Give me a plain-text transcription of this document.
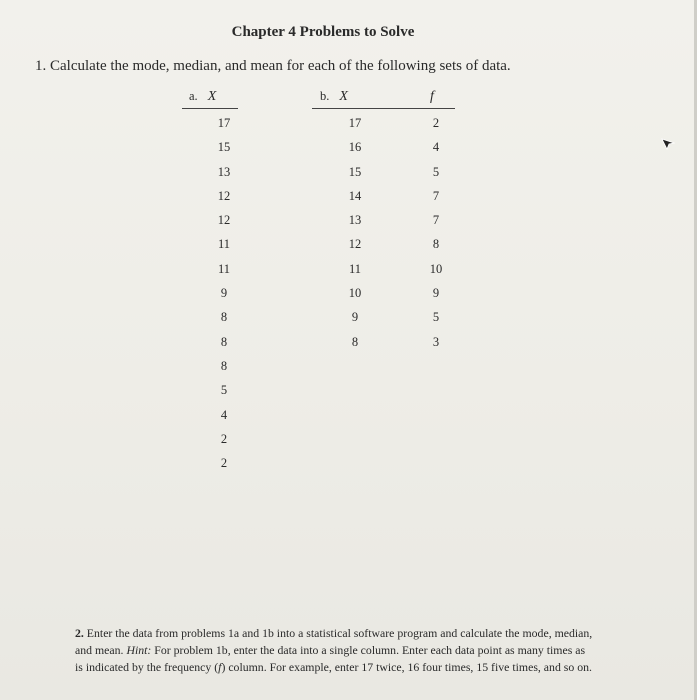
Chapter 4 Problems to Solve
1. Calculate the mode, median, and mean for each of the following sets of data.
a. X
17
15
13
12
12
11
11
9
8
8
8
5
4
2
2
b. X	f
17
16
15
14
13
12
11
10
9
8
2
4
5
7
7
8
10
9
5
3
2. Enter the data from problems 1a and 1b into a statistical software program and calculate the mode, median, and mean. Hint: For problem 1b, enter the data into a single column. Enter each data point as many times as is indicated by the frequency (f) column. For example, enter 17 twice, 16 four times, 15 five times, and so on.
